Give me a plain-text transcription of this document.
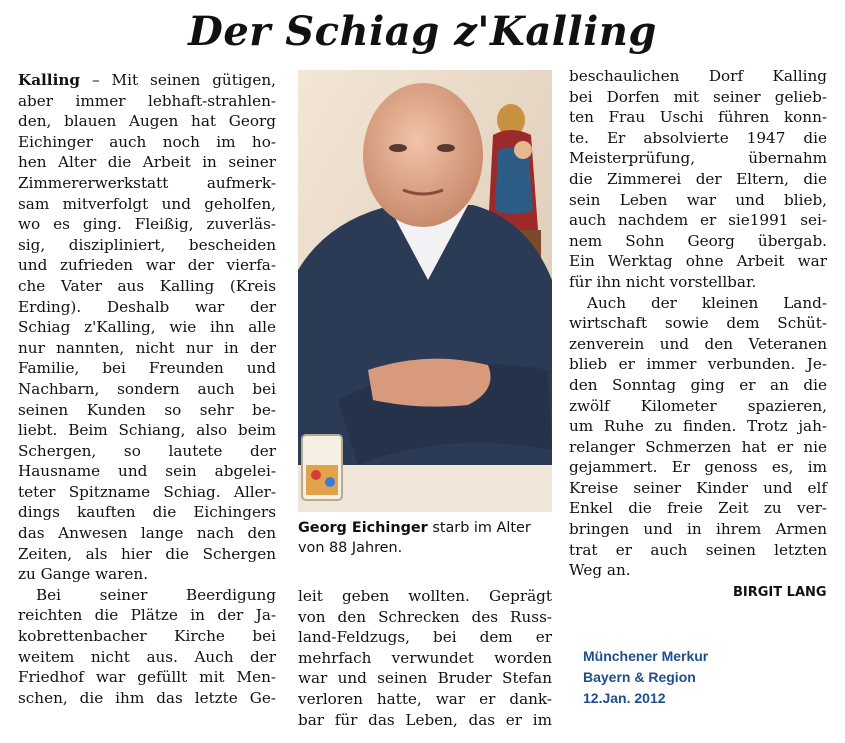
Der Schiag z'Kalling

Kalling – Mit seinen gütigen,
aber immer lebhaft-strahlen-
den, blauen Augen hat Georg
Eichinger auch noch im ho-
hen Alter die Arbeit in seiner
Zimmererwerkstatt aufmerk-
sam mitverfolgt und geholfen,
wo es ging. Fleißig, zuverläs-
sig, diszipliniert, bescheiden
und zufrieden war der vierfa-
che Vater aus Kalling (Kreis
Erding). Deshalb war der
Schiag z'Kalling, wie ihn alle
nur nannten, nicht nur in der
Familie, bei Freunden und
Nachbarn, sondern auch bei
seinen Kunden so sehr be-
liebt. Beim Schiang, also beim
Schergen, so lautete der
Hausname und sein abgelei-
teter Spitzname Schiag. Aller-
dings kauften die Eichingers
das Anwesen lange nach den
Zeiten, als hier die Schergen
zu Gange waren.

Bei seiner Beerdigung
reichten die Plätze in der Ja-
kobrettenbacher Kirche bei
weitem nicht aus. Auch der
Friedhof war gefüllt mit Men-
schen, die ihm das letzte Ge-

Georg Eichinger starb im Alter von 88 Jahren.

leit geben wollten. Geprägt
von den Schrecken des Russ-
land-Feldzugs, bei dem er
mehrfach verwundet worden
war und seinen Bruder Stefan
verloren hatte, war er dank-
bar für das Leben, das er im

beschaulichen Dorf Kalling
bei Dorfen mit seiner gelieb-
ten Frau Uschi führen konn-
te. Er absolvierte 1947 die
Meisterprüfung, übernahm
die Zimmerei der Eltern, die
sein Leben war und blieb,
auch nachdem er sie1991 sei-
nem Sohn Georg übergab.
Ein Werktag ohne Arbeit war
für ihn nicht vorstellbar.

Auch der kleinen Land-
wirtschaft sowie dem Schüt-
zenverein und den Veteranen
blieb er immer verbunden. Je-
den Sonntag ging er an die
zwölf Kilometer spazieren,
um Ruhe zu finden. Trotz jah-
relanger Schmerzen hat er nie
gejammert. Er genoss es, im
Kreise seiner Kinder und elf
Enkel die freie Zeit zu ver-
bringen und in ihrem Armen
trat er auch seinen letzten
Weg an.

BIRGIT LANG
Münchener Merkur
Bayern & Region
12.Jan. 2012
